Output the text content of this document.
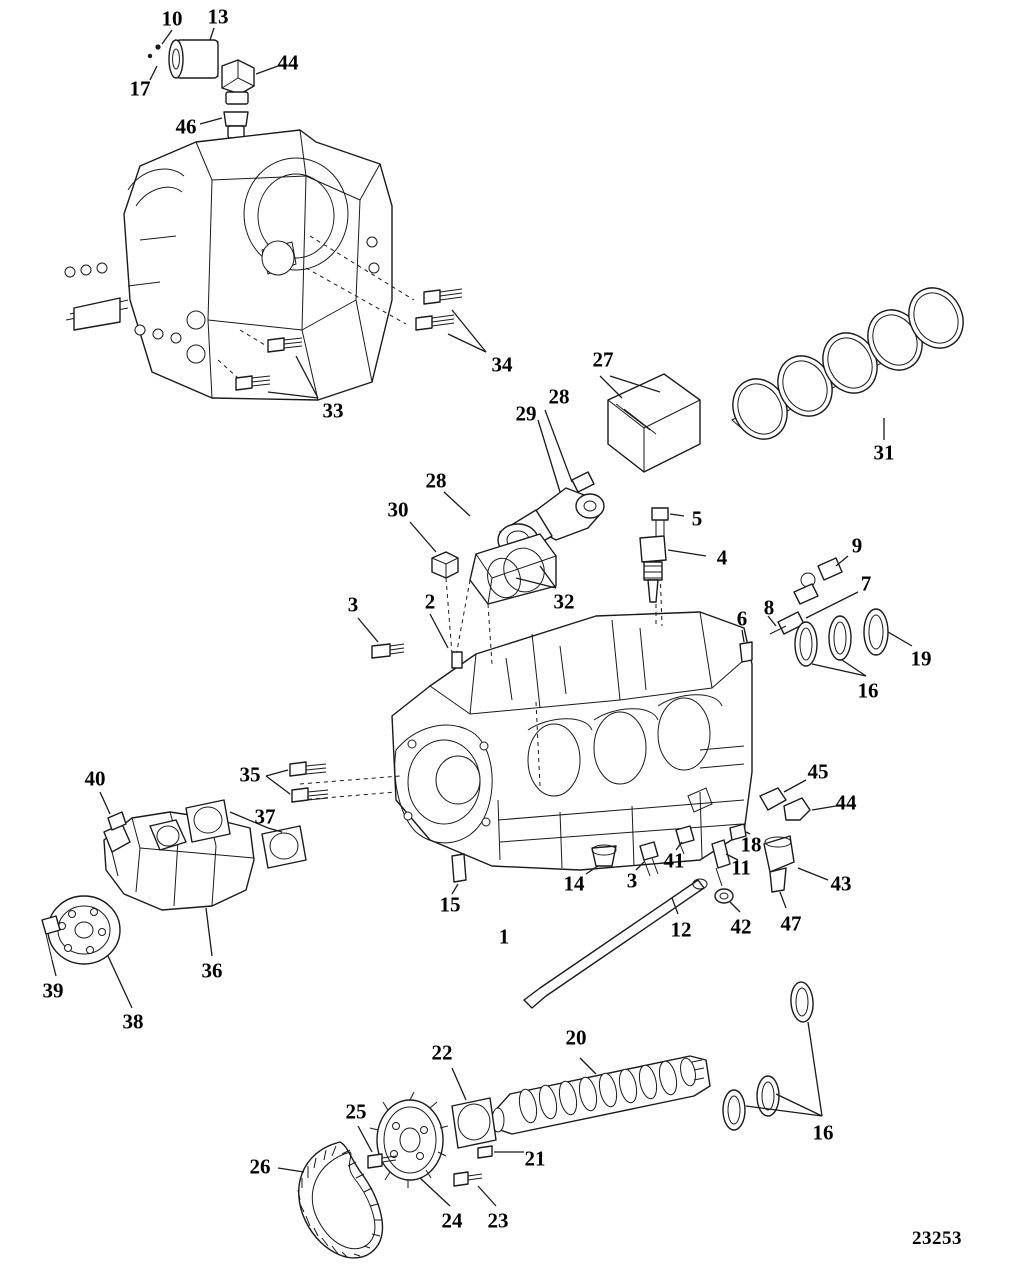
10 13
44
17
46
34
33
27
28
29
31
28
30	5
4	9
32
7
3	2
6 8
19
16
40	35
37
45
44
15
14 3
41
18
11
43
36
39
38
1	12 42 47
20
22
16
25
26	21
24 23
23253
